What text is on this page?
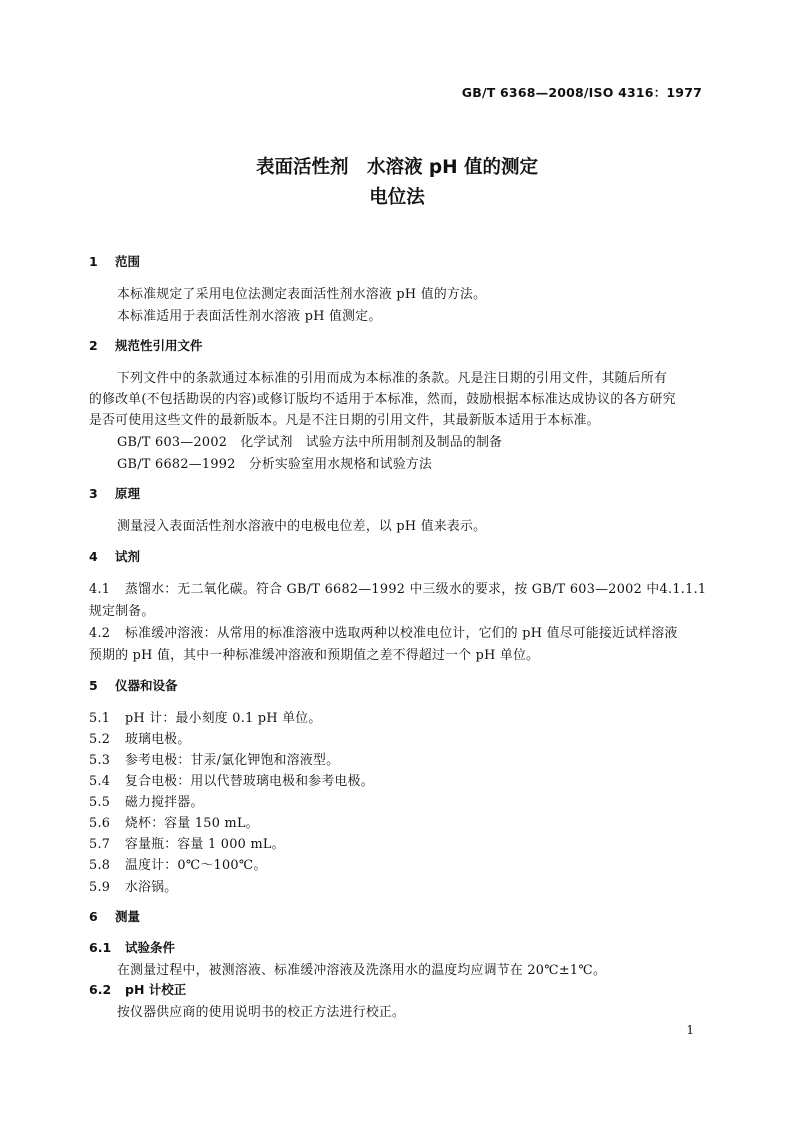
GB/T 6368—2008/ISO 4316：1977
表面活性剂　水溶液 pH 值的测定
电位法
1 范围
本标准规定了采用电位法测定表面活性剂水溶液 pH 值的方法。
本标准适用于表面活性剂水溶液 pH 值测定。
2 规范性引用文件
下列文件中的条款通过本标准的引用而成为本标准的条款。凡是注日期的引用文件，其随后所有
的修改单(不包括勘误的内容)或修订版均不适用于本标准，然而，鼓励根据本标准达成协议的各方研究
是否可使用这些文件的最新版本。凡是不注日期的引用文件，其最新版本适用于本标准。
GB/T 603—2002　化学试剂　试验方法中所用制剂及制品的制备
GB/T 6682—1992　分析实验室用水规格和试验方法
3 原理
测量浸入表面活性剂水溶液中的电极电位差，以 pH 值来表示。
4 试剂
4.1 蒸馏水：无二氧化碳。符合 GB/T 6682—1992 中三级水的要求，按 GB/T 603—2002 中4.1.1.1
规定制备。
4.2 标准缓冲溶液：从常用的标准溶液中选取两种以校准电位计，它们的 pH 值尽可能接近试样溶液
预期的 pH 值，其中一种标准缓冲溶液和预期值之差不得超过一个 pH 单位。
5 仪器和设备
5.1 pH 计：最小刻度 0.1 pH 单位。
5.2 玻璃电极。
5.3 参考电极：甘汞/氯化钾饱和溶液型。
5.4 复合电极：用以代替玻璃电极和参考电极。
5.5 磁力搅拌器。
5.6 烧杯：容量 150 mL。
5.7 容量瓶：容量 1 000 mL。
5.8 温度计：0℃～100℃。
5.9 水浴锅。
6 测量
6.1 试验条件
在测量过程中，被测溶液、标准缓冲溶液及洗涤用水的温度均应调节在 20℃±1℃。
6.2 pH 计校正
按仪器供应商的使用说明书的校正方法进行校正。
1
